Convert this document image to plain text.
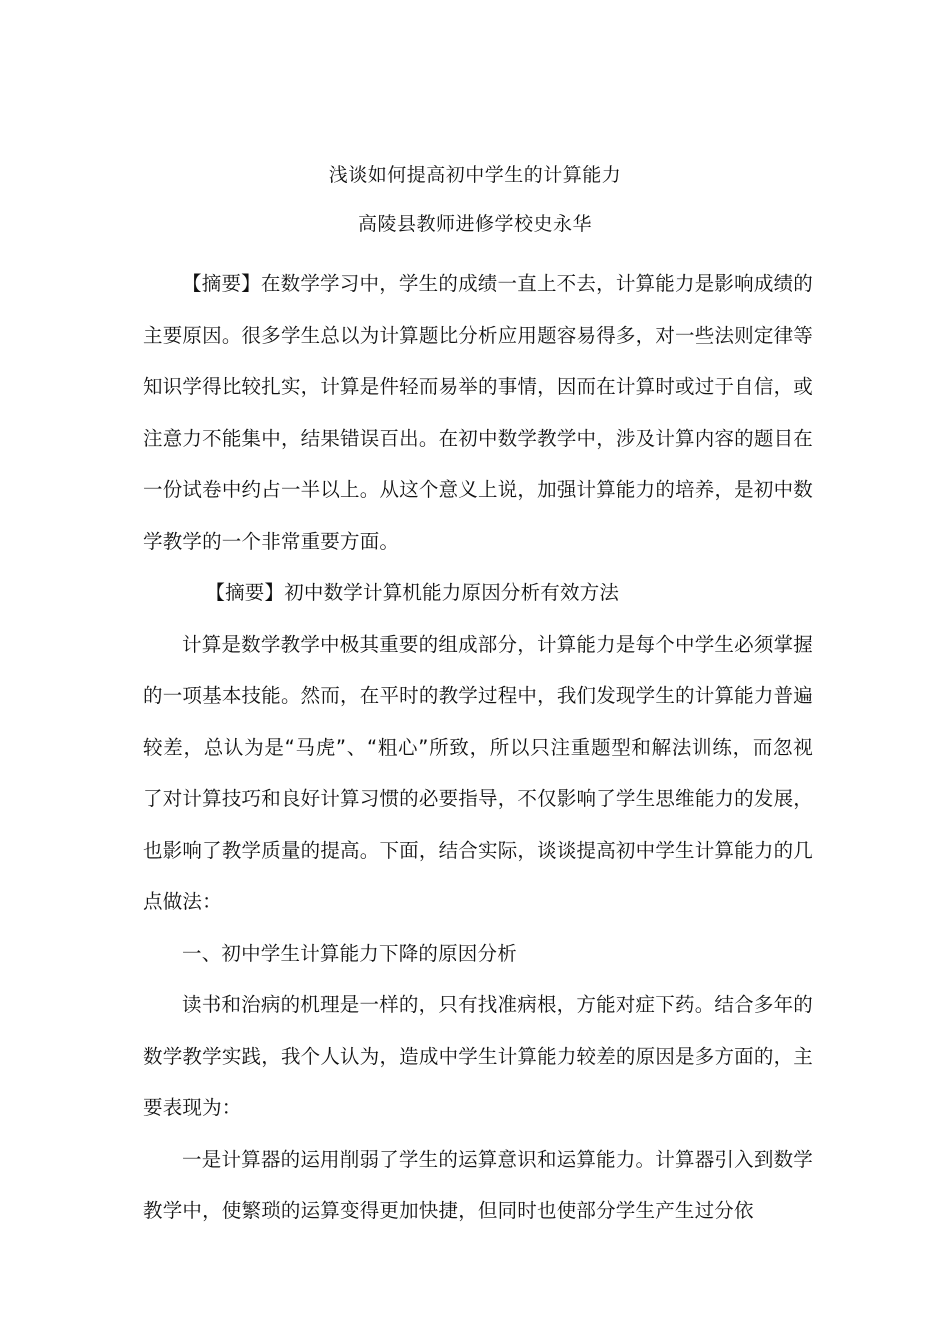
浅谈如何提高初中学生的计算能力
高陵县教师进修学校史永华

【摘要】在数学学习中，学生的成绩一直上不去，计算能力是影响成绩的主要原因。很多学生总以为计算题比分析应用题容易得多，对一些法则定律等知识学得比较扎实，计算是件轻而易举的事情，因而在计算时或过于自信，或注意力不能集中，结果错误百出。在初中数学教学中，涉及计算内容的题目在一份试卷中约占一半以上。从这个意义上说，加强计算能力的培养，是初中数学教学的一个非常重要方面。

【摘要】初中数学计算机能力原因分析有效方法

计算是数学教学中极其重要的组成部分，计算能力是每个中学生必须掌握的一项基本技能。然而，在平时的教学过程中，我们发现学生的计算能力普遍较差，总认为是“马虎”、“粗心”所致，所以只注重题型和解法训练，而忽视了对计算技巧和良好计算习惯的必要指导，不仅影响了学生思维能力的发展，也影响了教学质量的提高。下面，结合实际，谈谈提高初中学生计算能力的几点做法：

一、初中学生计算能力下降的原因分析

读书和治病的机理是一样的，只有找准病根，方能对症下药。结合多年的数学教学实践，我个人认为，造成中学生计算能力较差的原因是多方面的，主要表现为：

一是计算器的运用削弱了学生的运算意识和运算能力。计算器引入到数学教学中，使繁琐的运算变得更加快捷，但同时也使部分学生产生过分依
